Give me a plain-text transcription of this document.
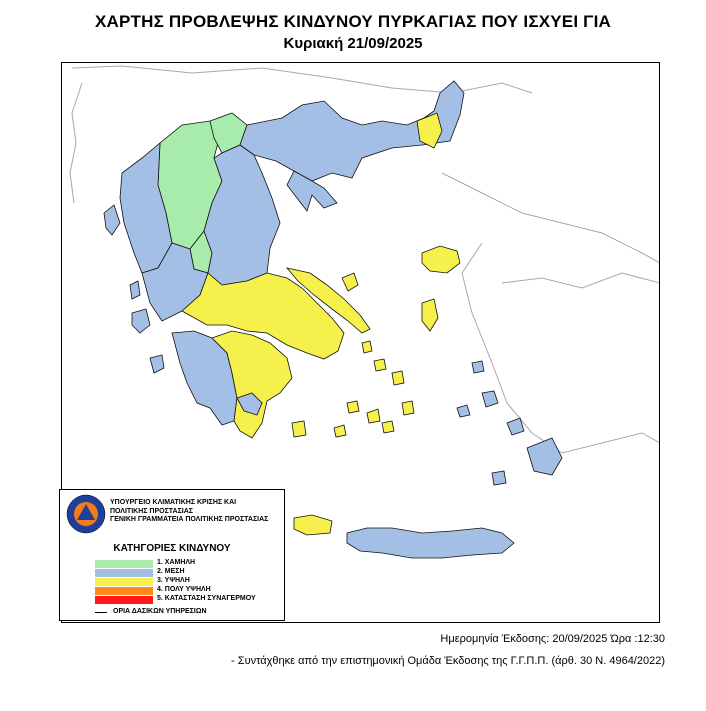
ΧΑΡΤΗΣ ΠΡΟΒΛΕΨΗΣ ΚΙΝΔΥΝΟΥ ΠΥΡΚΑΓΙΑΣ ΠΟΥ ΙΣΧΥΕΙ ΓΙΑ
Κυριακή 21/09/2025
ΥΠΟΥΡΓΕΙΟ ΚΛΙΜΑΤΙΚΗΣ ΚΡΙΣΗΣ ΚΑΙ
ΠΟΛΙΤΙΚΗΣ ΠΡΟΣΤΑΣΙΑΣ
ΓΕΝΙΚΗ ΓΡΑΜΜΑΤΕΙΑ ΠΟΛΙΤΙΚΗΣ ΠΡΟΣΤΑΣΙΑΣ
ΚΑΤΗΓΟΡΙΕΣ ΚΙΝΔΥΝΟΥ
1. ΧΑΜΗΛΗ
2. ΜΕΣΗ
3. ΥΨΗΛΗ
4. ΠΟΛΥ ΥΨΗΛΗ
5. ΚΑΤΑΣΤΑΣΗ ΣΥΝΑΓΕΡΜΟΥ
ΟΡΙΑ ΔΑΣΙΚΩΝ ΥΠΗΡΕΣΙΩΝ
Ημερομηνία Έκδοσης: 20/09/2025 Ώρα :12:30
- Συντάχθηκε από την επιστημονική Ομάδα Έκδοσης της Γ.Γ.Π.Π. (άρθ. 30 Ν. 4964/2022)
